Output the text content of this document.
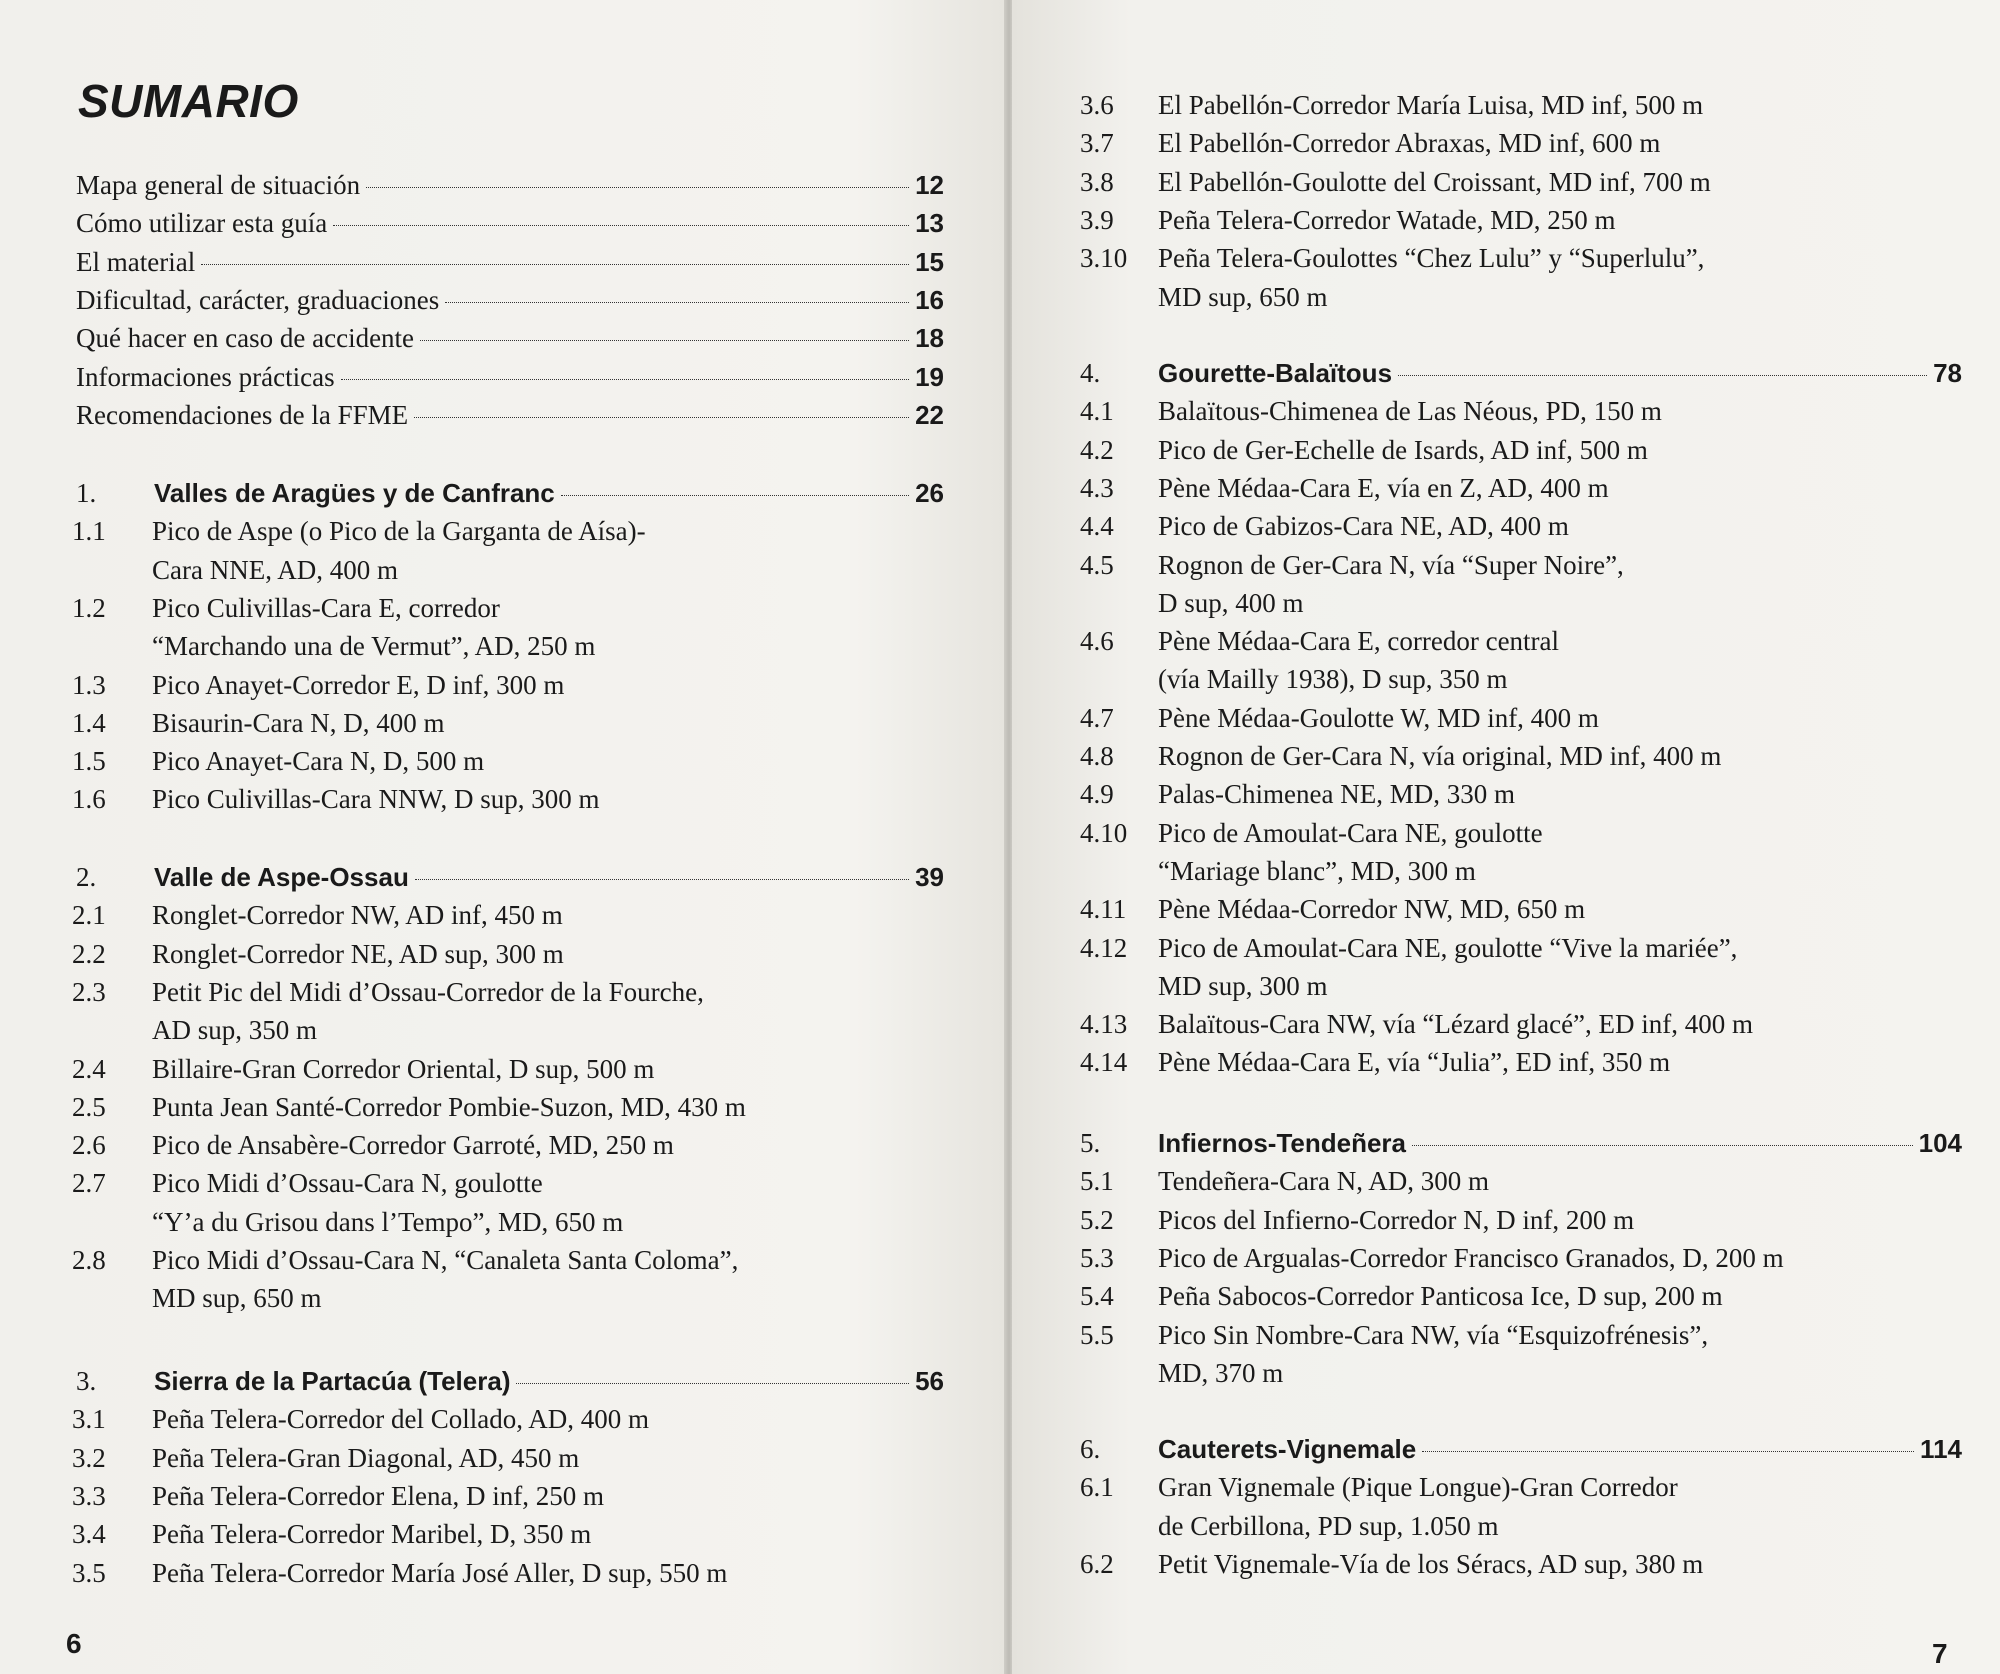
SUMARIO
Mapa general de situación	12
Cómo utilizar esta guía	13
El material	15
Dificultad, carácter, graduaciones	16
Qué hacer en caso de accidente	18
Informaciones prácticas	19
Recomendaciones de la FFME	22
1.	Valles de Aragües y de Canfranc	26
1.1	Pico de Aspe (o Pico de la Garganta de Aísa)-
Cara NNE, AD, 400 m
1.2	Pico Culivillas-Cara E, corredor
“Marchando una de Vermut”, AD, 250 m
1.3	Pico Anayet-Corredor E, D inf, 300 m
1.4	Bisaurin-Cara N, D, 400 m
1.5	Pico Anayet-Cara N, D, 500 m
1.6	Pico Culivillas-Cara NNW, D sup, 300 m
2.	Valle de Aspe-Ossau	39
2.1	Ronglet-Corredor NW, AD inf, 450 m
2.2	Ronglet-Corredor NE, AD sup, 300 m
2.3	Petit Pic del Midi d’Ossau-Corredor de la Fourche,
AD sup, 350 m
2.4	Billaire-Gran Corredor Oriental, D sup, 500 m
2.5	Punta Jean Santé-Corredor Pombie-Suzon, MD, 430 m
2.6	Pico de Ansabère-Corredor Garroté, MD, 250 m
2.7	Pico Midi d’Ossau-Cara N, goulotte
“Y’a du Grisou dans l’Tempo”, MD, 650 m
2.8	Pico Midi d’Ossau-Cara N, “Canaleta Santa Coloma”,
MD sup, 650 m
3.	Sierra de la Partacúa (Telera)	56
3.1	Peña Telera-Corredor del Collado, AD, 400 m
3.2	Peña Telera-Gran Diagonal, AD, 450 m
3.3	Peña Telera-Corredor Elena, D inf, 250 m
3.4	Peña Telera-Corredor Maribel, D, 350 m
3.5	Peña Telera-Corredor María José Aller, D sup, 550 m
6
3.6	El Pabellón-Corredor María Luisa, MD inf, 500 m
3.7	El Pabellón-Corredor Abraxas, MD inf, 600 m
3.8	El Pabellón-Goulotte del Croissant, MD inf, 700 m
3.9	Peña Telera-Corredor Watade, MD, 250 m
3.10	Peña Telera-Goulottes “Chez Lulu” y “Superlulu”,
MD sup, 650 m
4.	Gourette-Balaïtous	78
4.1	Balaïtous-Chimenea de Las Néous, PD, 150 m
4.2	Pico de Ger-Echelle de Isards, AD inf, 500 m
4.3	Pène Médaa-Cara E, vía en Z, AD, 400 m
4.4	Pico de Gabizos-Cara NE, AD, 400 m
4.5	Rognon de Ger-Cara N, vía “Super Noire”,
D sup, 400 m
4.6	Pène Médaa-Cara E, corredor central
(vía Mailly 1938), D sup, 350 m
4.7	Pène Médaa-Goulotte W, MD inf, 400 m
4.8	Rognon de Ger-Cara N, vía original, MD inf, 400 m
4.9	Palas-Chimenea NE, MD, 330 m
4.10	Pico de Amoulat-Cara NE, goulotte
“Mariage blanc”, MD, 300 m
4.11	Pène Médaa-Corredor NW, MD, 650 m
4.12	Pico de Amoulat-Cara NE, goulotte “Vive la mariée”,
MD sup, 300 m
4.13	Balaïtous-Cara NW, vía “Lézard glacé”, ED inf, 400 m
4.14	Pène Médaa-Cara E, vía “Julia”, ED inf, 350 m
5.	Infiernos-Tendeñera	104
5.1	Tendeñera-Cara N, AD, 300 m
5.2	Picos del Infierno-Corredor N, D inf, 200 m
5.3	Pico de Argualas-Corredor Francisco Granados, D, 200 m
5.4	Peña Sabocos-Corredor Panticosa Ice, D sup, 200 m
5.5	Pico Sin Nombre-Cara NW, vía “Esquizofrénesis”,
MD, 370 m
6.	Cauterets-Vignemale	114
6.1	Gran Vignemale (Pique Longue)-Gran Corredor
de Cerbillona, PD sup, 1.050 m
6.2	Petit Vignemale-Vía de los Séracs, AD sup, 380 m
7
